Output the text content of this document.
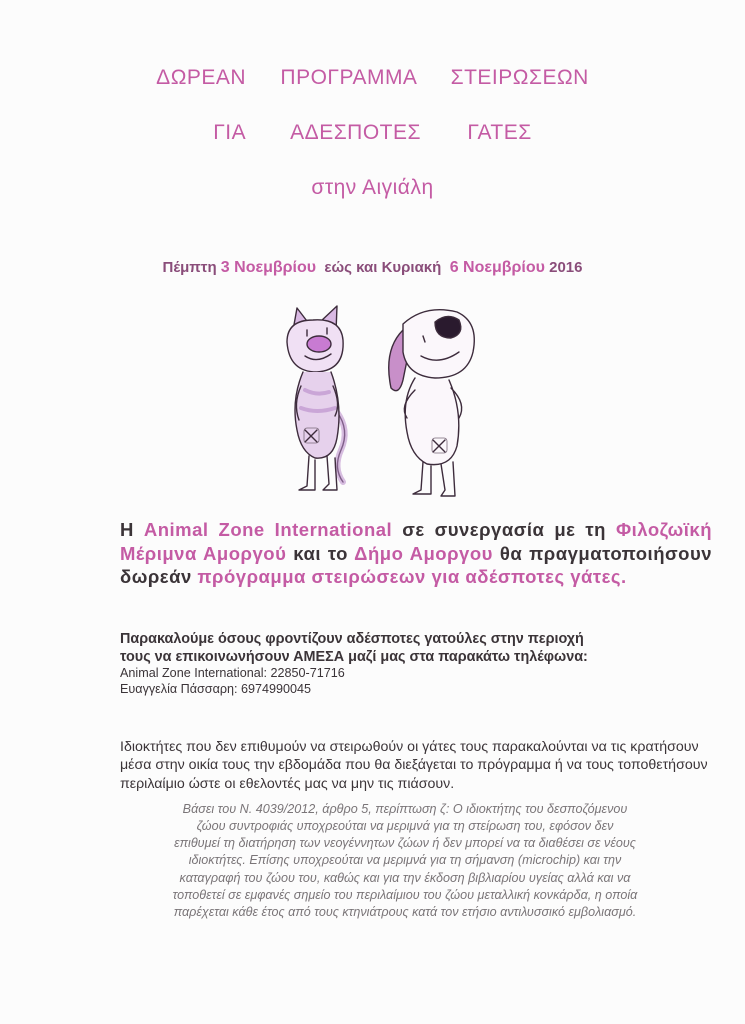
ΔΩΡΕΑΝ ΠΡΟΓΡΑΜΜΑ ΣΤΕΙΡΩΣΕΩΝ
ΓΙΑ ΑΔΕΣΠΟΤΕΣ ΓΑΤΕΣ
στην Αιγιάλη
Πέμπτη 3 Νοεμβρίου εώς και Κυριακή 6 Νοεμβρίου 2016
Η Animal Zone International σε συνεργασία με τη Φιλοζωϊκή Μέριμνα Αμοργού και το Δήμο Αμοργου θα πραγματοποιήσουν δωρεάν πρόγραμμα στειρώσεων για αδέσποτες γάτες.
Παρακαλούμε όσους φροντίζουν αδέσποτες γατούλες στην περιοχή
τους να επικοινωνήσουν ΑΜΕΣΑ μαζί μας στα παρακάτω τηλέφωνα:
Animal Zone International: 22850-71716
Ευαγγελία Πάσσαρη: 6974990045
Ιδιοκτήτες που δεν επιθυμούν να στειρωθούν οι γάτες τους παρακαλούνται να τις κρατήσουν μέσα στην οικία τους την εβδομάδα που θα διεξάγεται το πρόγραμμα ή να τους τοποθετήσουν περιλαίμιο ώστε οι εθελοντές μας να μην τις πιάσουν.
Βάσει του Ν. 4039/2012, άρθρο 5, περίπτωση ζ: Ο ιδιοκτήτης του δεσποζόμενου
ζώου συντροφιάς υποχρεούται να μεριμνά για τη στείρωση του, εφόσον δεν
επιθυμεί τη διατήρηση των νεογέννητων ζώων ή δεν μπορεί να τα διαθέσει σε νέους
ιδιοκτήτες. Επίσης υποχρεούται να μεριμνά για τη σήμανση (microchip) και την
καταγραφή του ζώου του, καθώς και για την έκδοση βιβλιαρίου υγείας αλλά και να
τοποθετεί σε εμφανές σημείο του περιλαίμιου του ζώου μεταλλική κονκάρδα, η οποία
παρέχεται κάθε έτος από τους κτηνιάτρους κατά τον ετήσιο αντιλυσσικό εμβολιασμό.
